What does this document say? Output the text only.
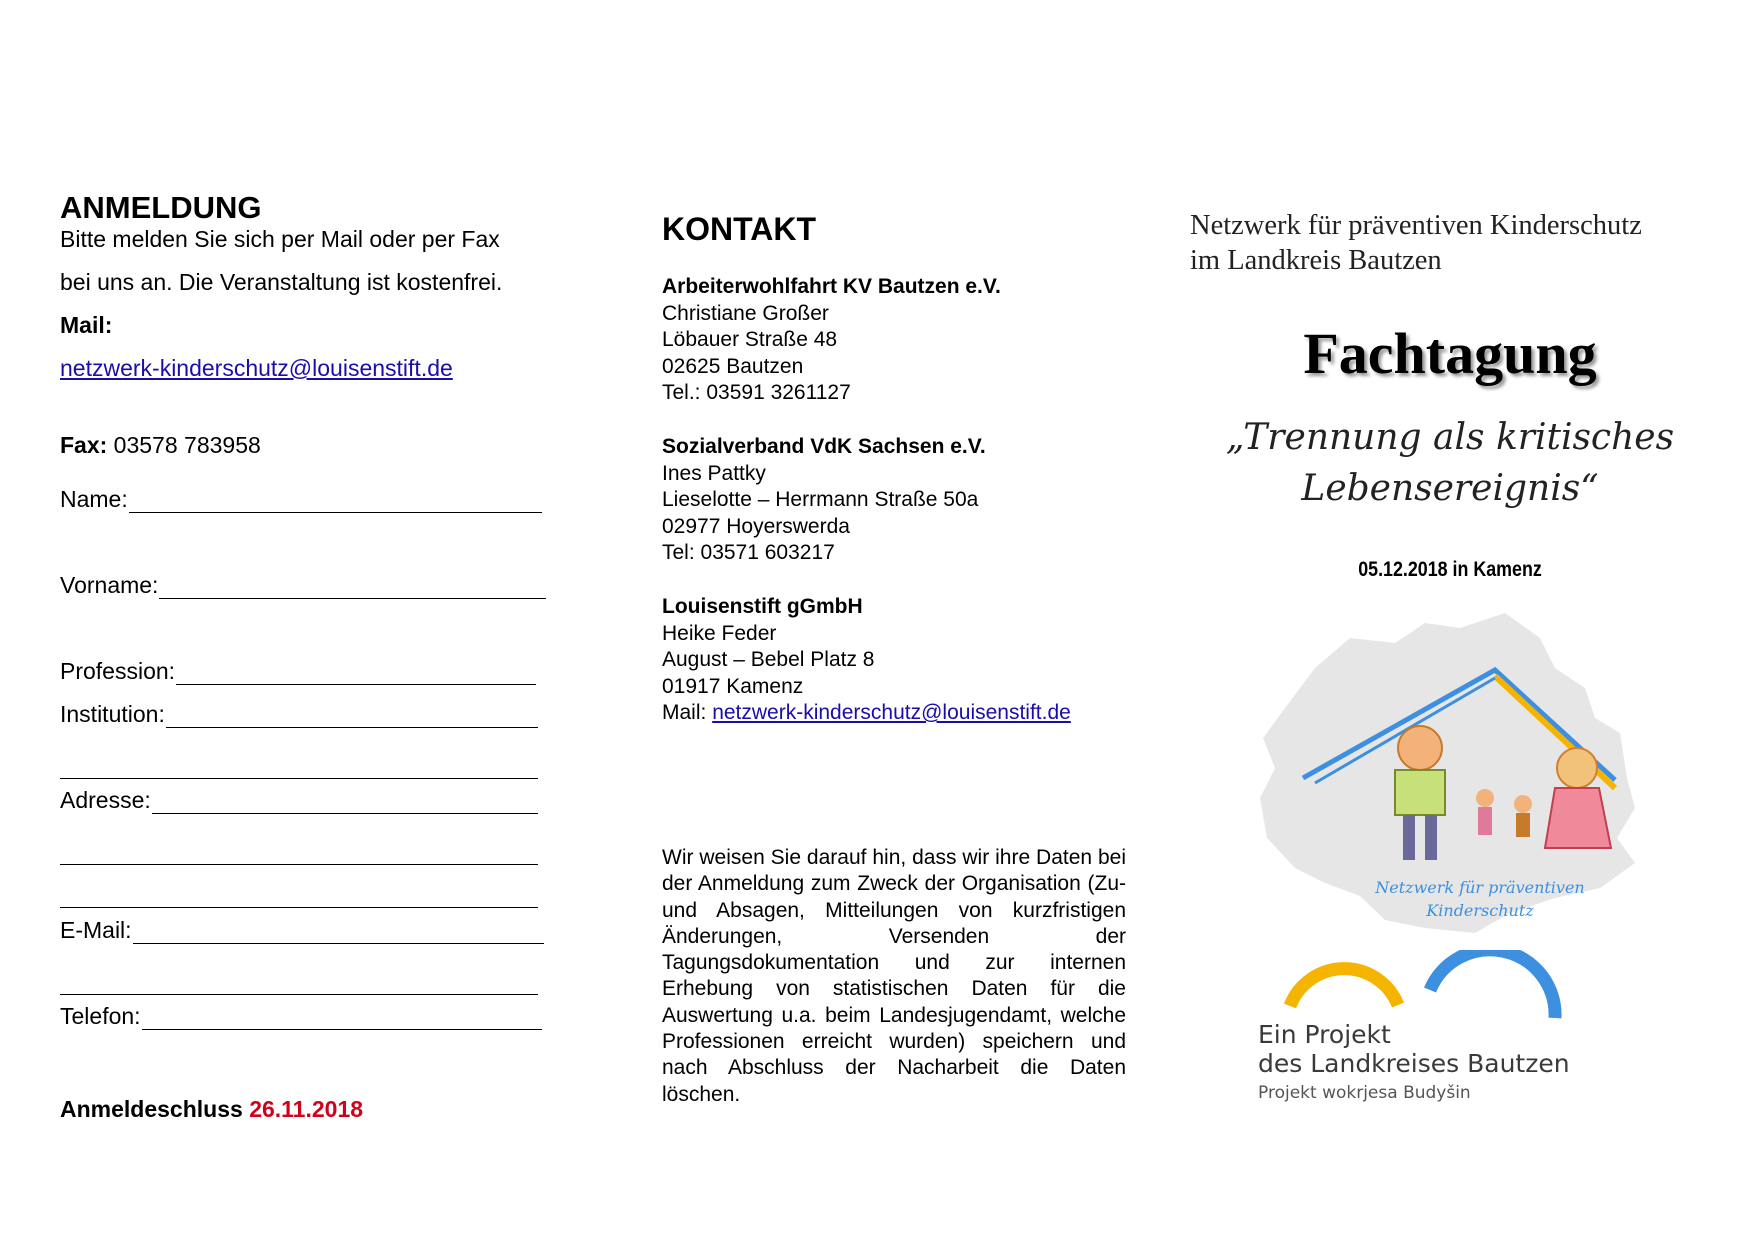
ANMELDUNG

Bitte melden Sie sich per Mail oder per Fax

bei uns an. Die Veranstaltung ist kostenfrei.

Mail:

netzwerk-kinderschutz@louisenstift.de

Fax: 03578 783958

Name:
Vorname:
Profession:
Institution:
Adresse:
E-Mail:
Telefon:

Anmeldeschluss 26.11.2018

KONTAKT

Arbeiterwohlfahrt KV Bautzen e.V.

Christiane Großer

Löbauer Straße 48

02625 Bautzen

Tel.: 03591 3261127

Sozialverband VdK Sachsen e.V.

Ines Pattky

Lieselotte – Herrmann Straße 50a

02977 Hoyerswerda

Tel: 03571 603217

Louisenstift gGmbH

Heike Feder

August – Bebel Platz 8

01917 Kamenz

Mail: netzwerk-kinderschutz@louisenstift.de

Wir weisen Sie darauf hin, dass wir ihre Daten bei der Anmeldung zum Zweck der Organisation (Zu- und Absagen, Mitteilungen von kurzfristigen Änderungen, Versenden der Tagungsdokumentation und zur internen Erhebung von statistischen Daten für die Auswertung u.a. beim Landesjugendamt, welche Professionen erreicht wurden) speichern und nach Abschluss der Nacharbeit die Daten löschen.

Netzwerk für präventiven Kinderschutz

im Landkreis Bautzen

Fachtagung
„Trennung als kritisches
Lebensereignis“

05.12.2018 in Kamenz

Netzwerk für präventiven
Kinderschutz
Ein Projekt
des Landkreises Bautzen
Projekt wokrjesa Budyšin
